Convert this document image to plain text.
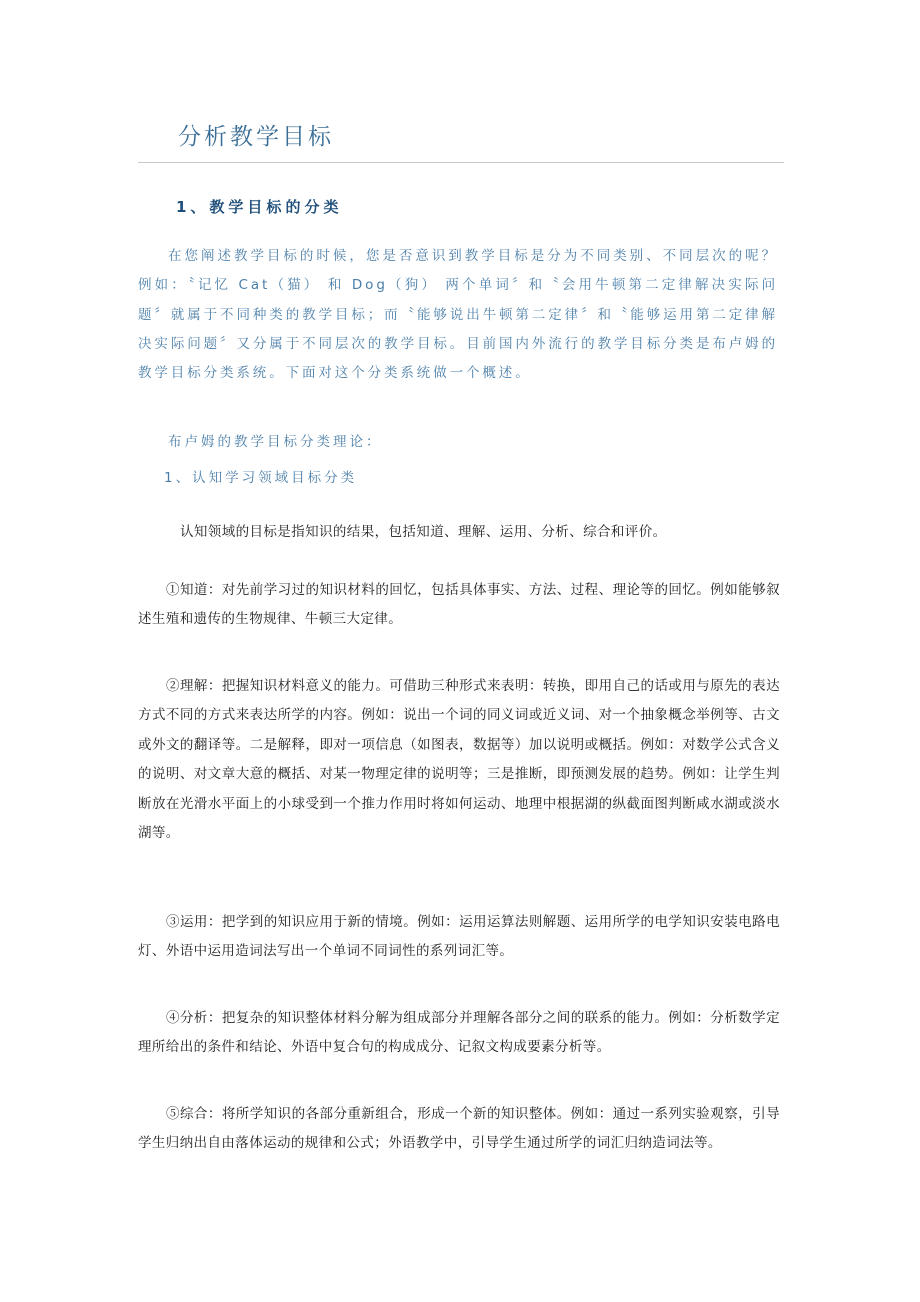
分析教学目标
1、教学目标的分类

在您阐述教学目标的时候，您是否意识到教学目标是分为不同类别、不同层次的呢？例如：〝记忆 Cat（猫） 和 Dog（狗） 两个单词〞和〝会用牛顿第二定律解决实际问题〞就属于不同种类的教学目标；而〝能够说出牛顿第二定律〞和〝能够运用第二定律解决实际问题〞又分属于不同层次的教学目标。目前国内外流行的教学目标分类是布卢姆的教学目标分类系统。下面对这个分类系统做一个概述。

布卢姆的教学目标分类理论：
1、认知学习领域目标分类

认知领域的目标是指知识的结果，包括知道、理解、运用、分析、综合和评价。

①知道：对先前学习过的知识材料的回忆，包括具体事实、方法、过程、理论等的回忆。例如能够叙述生殖和遗传的生物规律、牛顿三大定律。

②理解：把握知识材料意义的能力。可借助三种形式来表明：转换，即用自己的话或用与原先的表达方式不同的方式来表达所学的内容。例如：说出一个词的同义词或近义词、对一个抽象概念举例等、古文或外文的翻译等。二是解释，即对一项信息（如图表，数据等）加以说明或概括。例如：对数学公式含义的说明、对文章大意的概括、对某一物理定律的说明等；三是推断，即预测发展的趋势。例如：让学生判断放在光滑水平面上的小球受到一个推力作用时将如何运动、地理中根据湖的纵截面图判断咸水湖或淡水湖等。

③运用：把学到的知识应用于新的情境。例如：运用运算法则解题、运用所学的电学知识安装电路电灯、外语中运用造词法写出一个单词不同词性的系列词汇等。

④分析：把复杂的知识整体材料分解为组成部分并理解各部分之间的联系的能力。例如：分析数学定理所给出的条件和结论、外语中复合句的构成成分、记叙文构成要素分析等。

⑤综合：将所学知识的各部分重新组合，形成一个新的知识整体。例如：通过一系列实验观察，引导学生归纳出自由落体运动的规律和公式；外语教学中，引导学生通过所学的词汇归纳造词法等。
